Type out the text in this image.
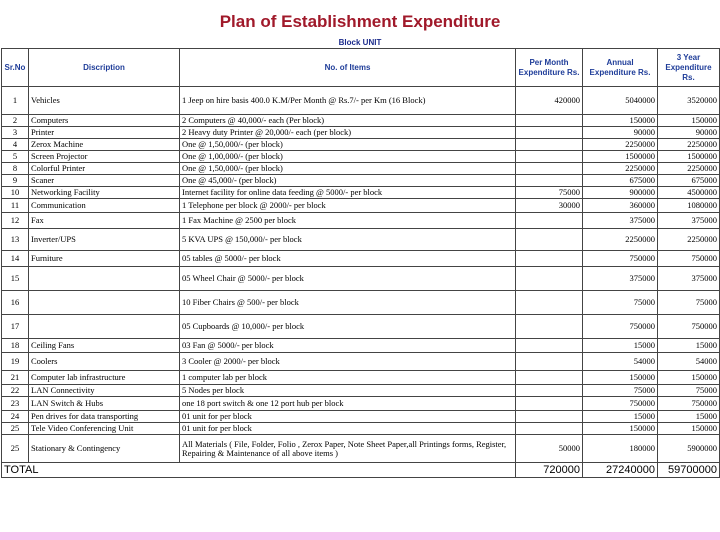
Plan of Establishment Expenditure
Block UNIT
Sr.No	Discription	No. of Items	Per Month Expenditure Rs.	Annual Expenditure Rs.	3 Year Expenditure Rs.
1	Vehicles	1 Jeep on hire basis 400.0 K.M/Per Month @ Rs.7/- per Km (16 Block)	420000	5040000	3520000
2	Computers	2 Computers @ 40,000/- each (Per block)		150000	150000
3	Printer	2 Heavy duty Printer @ 20,000/- each (per block)		90000	90000
4	Zerox Machine	One @ 1,50,000/- (per block)		2250000	2250000
5	Screen Projector	One @ 1,00,000/- (per block)		1500000	1500000
8	Colorful Printer	One @ 1,50,000/- (per block)		2250000	2250000
9	Scaner	One @ 45,000/- (per block)		675000	675000
10	Networking Facility	Internet facility for online data feeding @ 5000/- per block	75000	900000	4500000
11	Communication	1 Telephone per block @ 2000/- per block	30000	360000	1080000
12	Fax	1 Fax Machine @ 2500 per block		375000	375000
13	Inverter/UPS	5 KVA UPS @ 150,000/- per block		2250000	2250000
14	Furniture	05 tables @ 5000/- per block		750000	750000
15		05 Wheel Chair @ 5000/- per block		375000	375000
16		10 Fiber Chairs @ 500/- per block		75000	75000
17		05 Cupboards @ 10,000/- per block		750000	750000
18	Ceiling Fans	03 Fan @ 5000/- per block		15000	15000
19	Coolers	3 Cooler @ 2000/- per block		54000	54000
21	Computer lab infrastructure	1 computer lab per block		150000	150000
22	LAN Connectivity	5 Nodes per block		75000	75000
23	LAN Switch & Hubs	one 18 port switch & one 12 port hub per block		750000	750000
24	Pen drives for data transporting	01 unit for per block		15000	15000
25	Tele Video Conferencing Unit	01 unit for per block		150000	150000
25	Stationary & Contingency	All Materials ( File, Folder, Folio , Zerox Paper, Note Sheet Paper,all Printings forms, Register, Repairing & Maintenance of all above items )	50000	180000	5900000
TOTAL			720000	27240000	59700000
